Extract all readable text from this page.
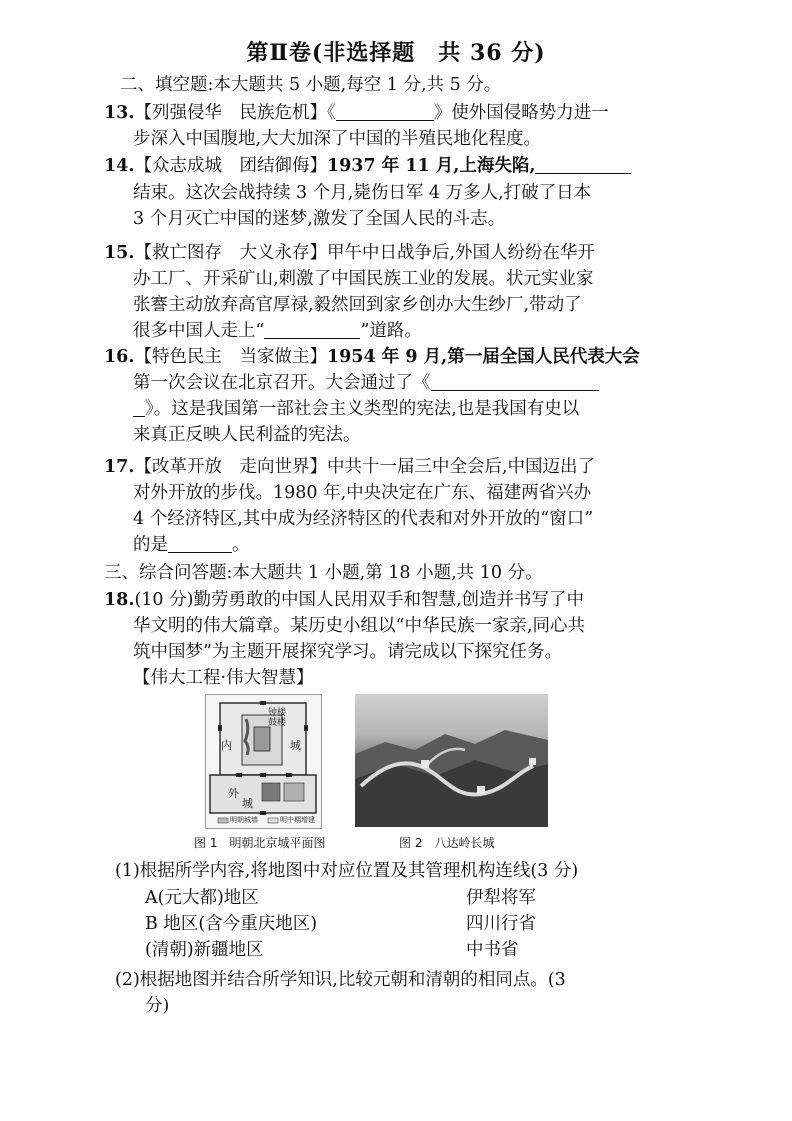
第Ⅱ卷(非选择题　共 36 分)
二、填空题:本大题共 5 小题,每空 1 分,共 5 分。
13.【列强侵华　民族危机】《	》使外国侵略势力进一
步深入中国腹地,大大加深了中国的半殖民地化程度。
14.【众志成城　团结御侮】1937 年 11 月,上海失陷,
结束。这次会战持续 3 个月,毙伤日军 4 万多人,打破了日本
3 个月灭亡中国的迷梦,激发了全国人民的斗志。
15.【救亡图存　大义永存】甲午中日战争后,外国人纷纷在华开
办工厂、开采矿山,刺激了中国民族工业的发展。状元实业家
张謇主动放弃高官厚禄,毅然回到家乡创办大生纱厂,带动了
很多中国人走上“	”道路。
16.【特色民主　当家做主】1954 年 9 月,第一届全国人民代表大会
第一次会议在北京召开。大会通过了《
》。这是我国第一部社会主义类型的宪法,也是我国有史以
来真正反映人民利益的宪法。
17.【改革开放　走向世界】中共十一届三中全会后,中国迈出了
对外开放的步伐。1980 年,中央决定在广东、福建两省兴办
4 个经济特区,其中成为经济特区的代表和对外开放的“窗口”
的是	。
三、综合问答题:本大题共 1 小题,第 18 小题,共 10 分。
18.(10 分)勤劳勇敢的中国人民用双手和智慧,创造并书写了中
华文明的伟大篇章。某历史小组以“中华民族一家亲,同心共
筑中国梦”为主题开展探究学习。请完成以下探究任务。
【伟大工程·伟大智慧】
内	城
外
城
钟楼
鼓楼
明朝城墙	明中期增建
图 1　明朝北京城平面图	图 2　八达岭长城
(1)根据所学内容,将地图中对应位置及其管理机构连线(3 分)
A(元大都)地区	伊犁将军
B 地区(含今重庆地区)	四川行省
(清朝)新疆地区	中书省
(2)根据地图并结合所学知识,比较元朝和清朝的相同点。(3
分)
